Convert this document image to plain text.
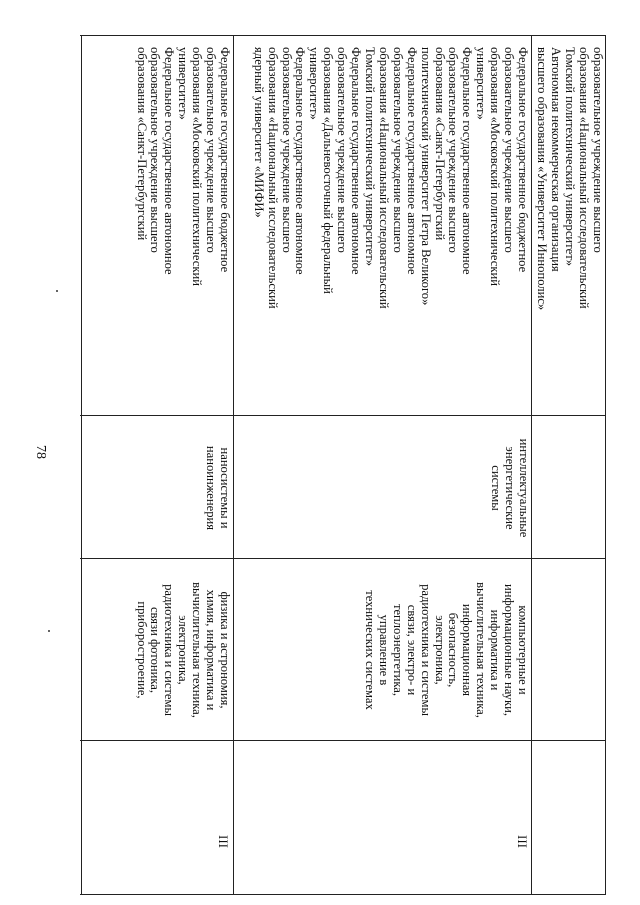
78
образовательное учреждение высшего
образования «Национальный исследовательский
Томский политехнический университет»
Автономная некоммерческая организация
высшего образования «Университет Иннополис»
Федеральное государственное бюджетное
образовательное учреждение высшего
образования «Московский политехнический
университет»
Федеральное государственное автономное
образовательное учреждение высшего
образования «Санкт-Петербургский
политехнический университет Петра Великого»
Федеральное государственное автономное
образовательное учреждение высшего
образования «Национальный исследовательский
Томский политехнический университет»
Федеральное государственное автономное
образовательное учреждение высшего
образования «Дальневосточный федеральный
университет»
Федеральное государственное автономное
образовательное учреждение высшего
образования «Национальный исследовательский
ядерный университет «МИФИ»
интеллектуальные
энергетические
системы
компьютерные и
информационные науки,
информатика и
вычислительная техника,
информационная
безопасность,
электроника,
радиотехника и системы
связи, электро- и
теплоэнергетика,
управление в
технических системах
III
Федеральное государственное бюджетное
образовательное учреждение высшего
образования «Московский политехнический
университет»
Федеральное государственное автономное
образовательное учреждение высшего
образования «Санкт-Петербургский
наносистемы и
наноинженерия
физика и астрономия,
химия, информатика и
вычислительная техника,
электроника,
радиотехника и системы
связи фотоника,
приборостроение,
III
